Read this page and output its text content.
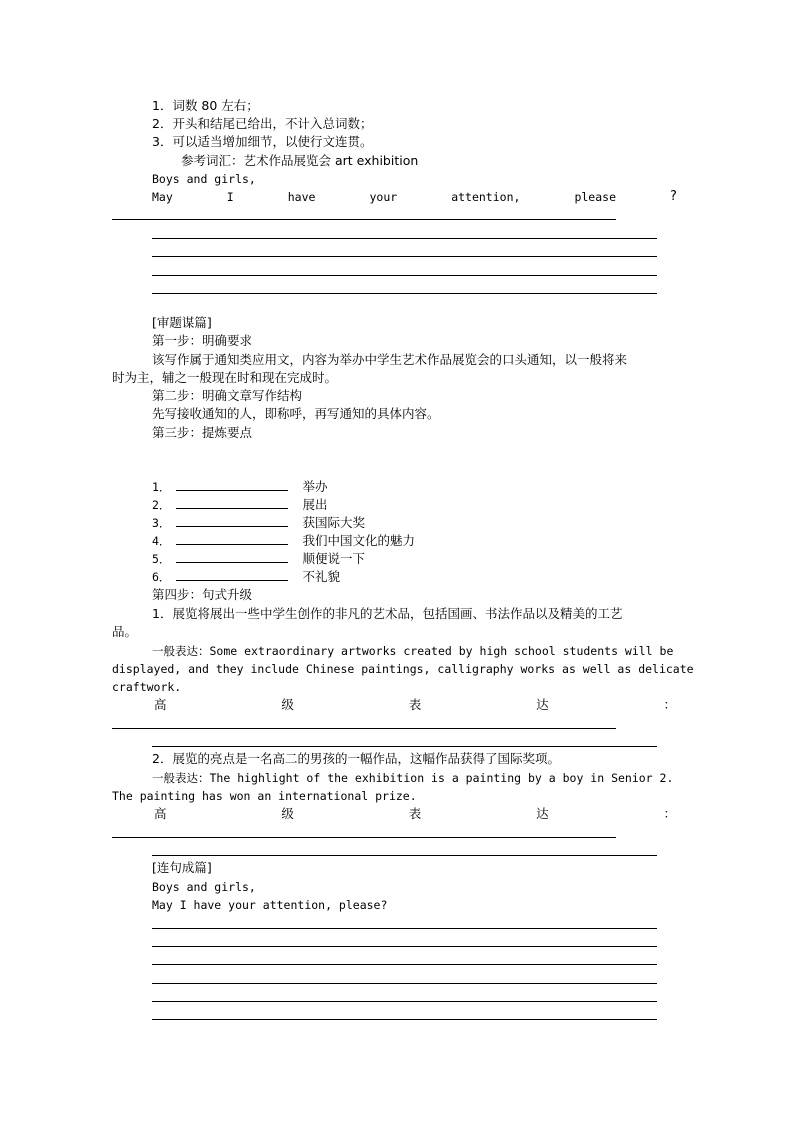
1．词数 80 左右；
2．开头和结尾已给出，不计入总词数；
3．可以适当增加细节，以使行文连贯。
参考词汇：艺术作品展览会 art exhibition
Boys and girls,
May	I	have	your	attention,	please	?
[审题谋篇]
第一步：明确要求
该写作属于通知类应用文，内容为举办中学生艺术作品展览会的口头通知，以一般将来
时为主，辅之一般现在时和现在完成时。
第二步：明确文章写作结构
先写接收通知的人，即称呼，再写通知的具体内容。
第三步：提炼要点
1．	举办
2．	展出
3．	获国际大奖
4．	我们中国文化的魅力
5．	顺便说一下
6．	不礼貌
第四步：句式升级
1．展览将展出一些中学生创作的非凡的艺术品，包括国画、书法作品以及精美的工艺
品。
一般表达：Some extraordinary artworks created by high school students will be
displayed, and they include Chinese paintings, calligraphy works as well as delicate
craftwork.
高	级	表	达	：
2．展览的亮点是一名高二的男孩的一幅作品，这幅作品获得了国际奖项。
一般表达：The highlight of the exhibition is a painting by a boy in Senior 2.
The painting has won an international prize.
高	级	表	达	：
[连句成篇]
Boys and girls,
May I have your attention, please?
